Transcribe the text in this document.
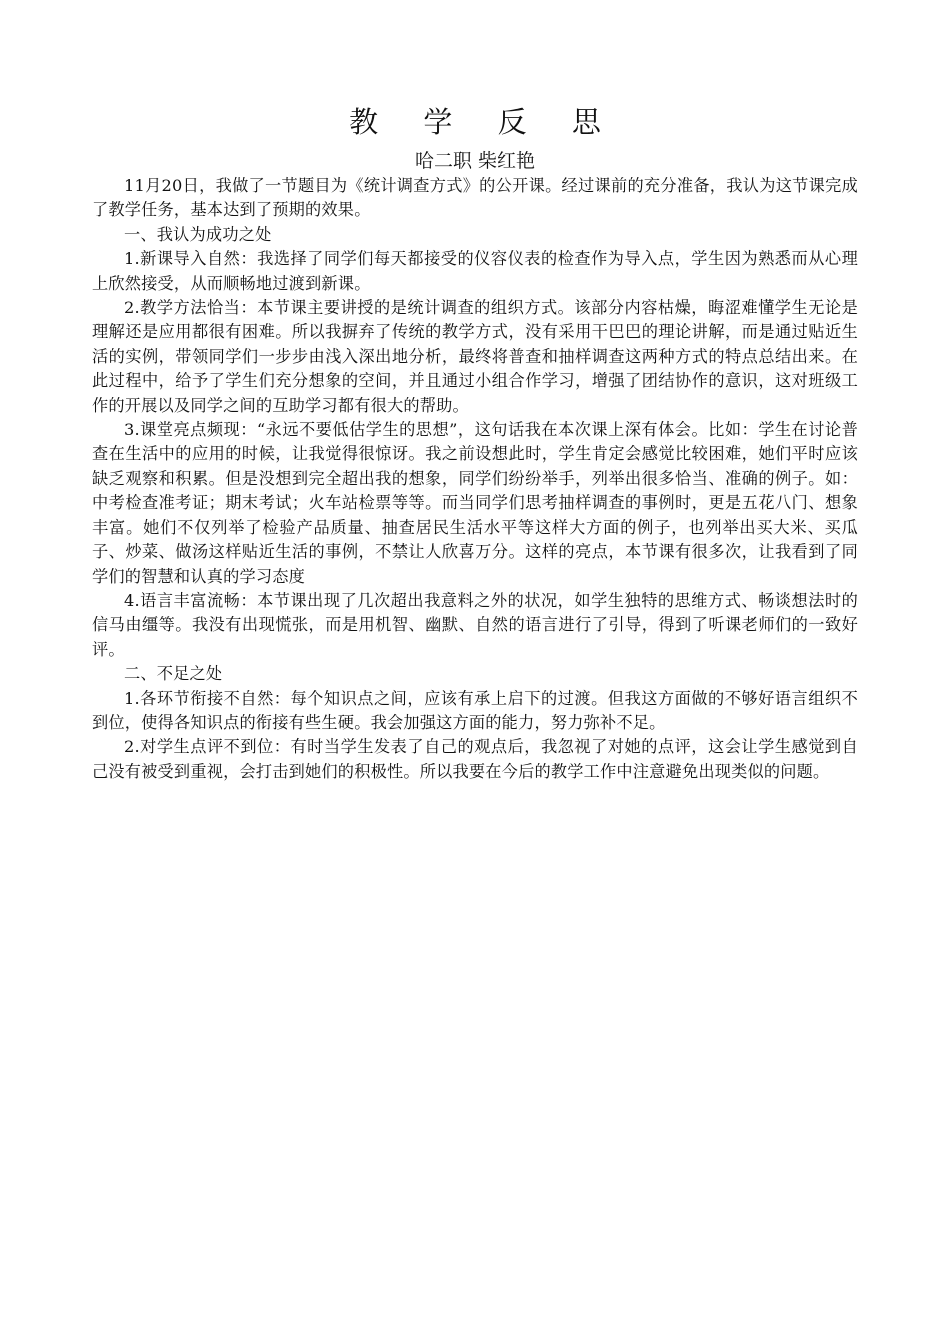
教 学 反 思

哈二职 柴红艳

11月20日，我做了一节题目为《统计调查方式》的公开课。经过课前的充分准备，我认为这节课完成了教学任务，基本达到了预期的效果。

一、我认为成功之处

1.新课导入自然：我选择了同学们每天都接受的仪容仪表的检查作为导入点，学生因为熟悉而从心理上欣然接受，从而顺畅地过渡到新课。

2.教学方法恰当：本节课主要讲授的是统计调查的组织方式。该部分内容枯燥，晦涩难懂学生无论是理解还是应用都很有困难。所以我摒弃了传统的教学方式，没有采用干巴巴的理论讲解，而是通过贴近生活的实例，带领同学们一步步由浅入深出地分析，最终将普查和抽样调查这两种方式的特点总结出来。在此过程中，给予了学生们充分想象的空间，并且通过小组合作学习，增强了团结协作的意识，这对班级工作的开展以及同学之间的互助学习都有很大的帮助。

3.课堂亮点频现：“永远不要低估学生的思想”，这句话我在本次课上深有体会。比如：学生在讨论普查在生活中的应用的时候，让我觉得很惊讶。我之前设想此时，学生肯定会感觉比较困难，她们平时应该缺乏观察和积累。但是没想到完全超出我的想象，同学们纷纷举手，列举出很多恰当、准确的例子。如：中考检查准考证；期末考试；火车站检票等等。而当同学们思考抽样调查的事例时，更是五花八门、想象丰富。她们不仅列举了检验产品质量、抽查居民生活水平等这样大方面的例子，也列举出买大米、买瓜子、炒菜、做汤这样贴近生活的事例，不禁让人欣喜万分。这样的亮点，本节课有很多次，让我看到了同学们的智慧和认真的学习态度

4.语言丰富流畅：本节课出现了几次超出我意料之外的状况，如学生独特的思维方式、畅谈想法时的信马由缰等。我没有出现慌张，而是用机智、幽默、自然的语言进行了引导，得到了听课老师们的一致好评。

二、不足之处

1.各环节衔接不自然：每个知识点之间，应该有承上启下的过渡。但我这方面做的不够好语言组织不到位，使得各知识点的衔接有些生硬。我会加强这方面的能力，努力弥补不足。

2.对学生点评不到位：有时当学生发表了自己的观点后，我忽视了对她的点评，这会让学生感觉到自己没有被受到重视，会打击到她们的积极性。所以我要在今后的教学工作中注意避免出现类似的问题。
